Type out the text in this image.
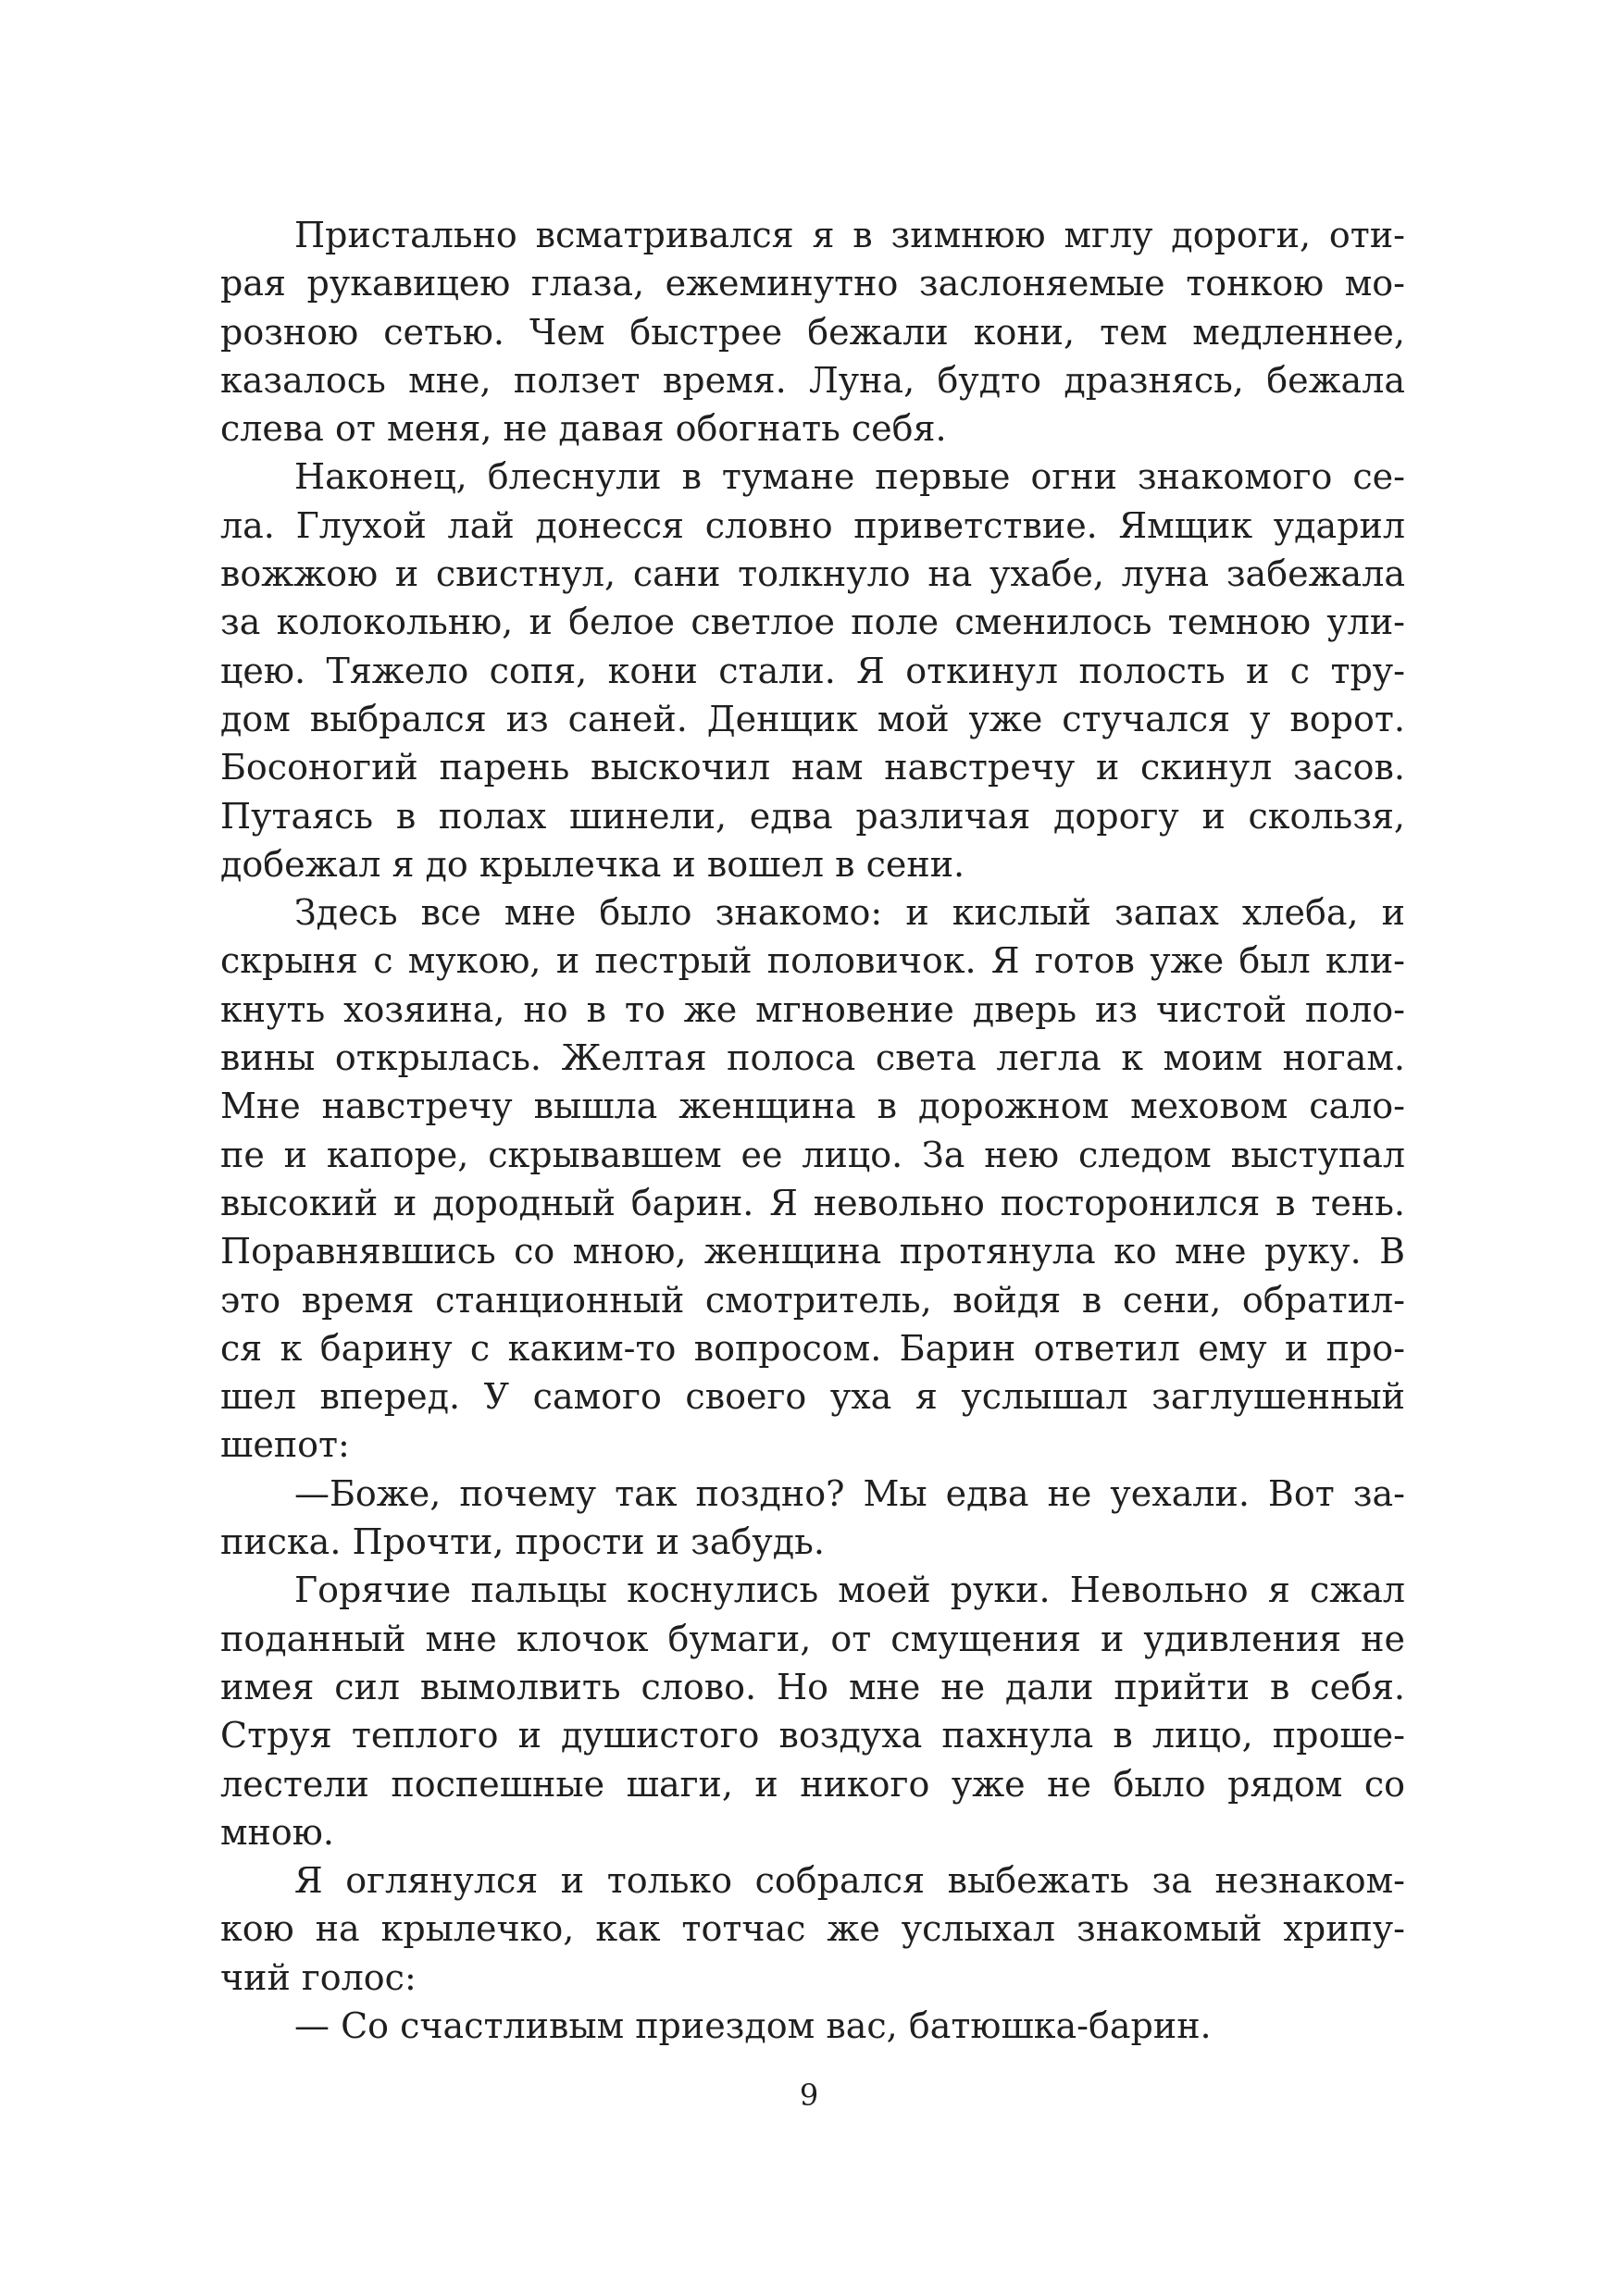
Пристально всматривался я в зимнюю мглу дороги, оти-
рая рукавицею глаза, ежеминутно заслоняемые тонкою мо-
розною сетью. Чем быстрее бежали кони, тем медленнее,
казалось мне, ползет время. Луна, будто дразнясь, бежала
слева от меня, не давая обогнать себя.
Наконец, блеснули в тумане первые огни знакомого се-
ла. Глухой лай донесся словно приветствие. Ямщик ударил
вожжою и свистнул, сани толкнуло на ухабе, луна забежала
за колокольню, и белое светлое поле сменилось темною ули-
цею. Тяжело сопя, кони стали. Я откинул полость и с тру-
дом выбрался из саней. Денщик мой уже стучался у ворот.
Босоногий парень выскочил нам навстречу и скинул засов.
Путаясь в полах шинели, едва различая дорогу и скользя,
добежал я до крылечка и вошел в сени.
Здесь все мне было знакомо: и кислый запах хлеба, и
скрыня с мукою, и пестрый половичок. Я готов уже был кли-
кнуть хозяина, но в то же мгновение дверь из чистой поло-
вины открылась. Желтая полоса света легла к моим ногам.
Мне навстречу вышла женщина в дорожном меховом сало-
пе и капоре, скрывавшем ее лицо. За нею следом выступал
высокий и дородный барин. Я невольно посторонился в тень.
Поравнявшись со мною, женщина протянула ко мне руку. В
это время станционный смотритель, войдя в сени, обратил-
ся к барину с каким-то вопросом. Барин ответил ему и про-
шел вперед. У самого своего уха я услышал заглушенный
шепот:
—Боже, почему так поздно? Мы едва не уехали. Вот за-
писка. Прочти, прости и забудь.
Горячие пальцы коснулись моей руки. Невольно я сжал
поданный мне клочок бумаги, от смущения и удивления не
имея сил вымолвить слово. Но мне не дали прийти в себя.
Струя теплого и душистого воздуха пахнула в лицо, проше-
лестели поспешные шаги, и никого уже не было рядом со
мною.
Я оглянулся и только собрался выбежать за незнаком-
кою на крылечко, как тотчас же услыхал знакомый хрипу-
чий голос:
— Со счастливым приездом вас, батюшка-барин.
9
